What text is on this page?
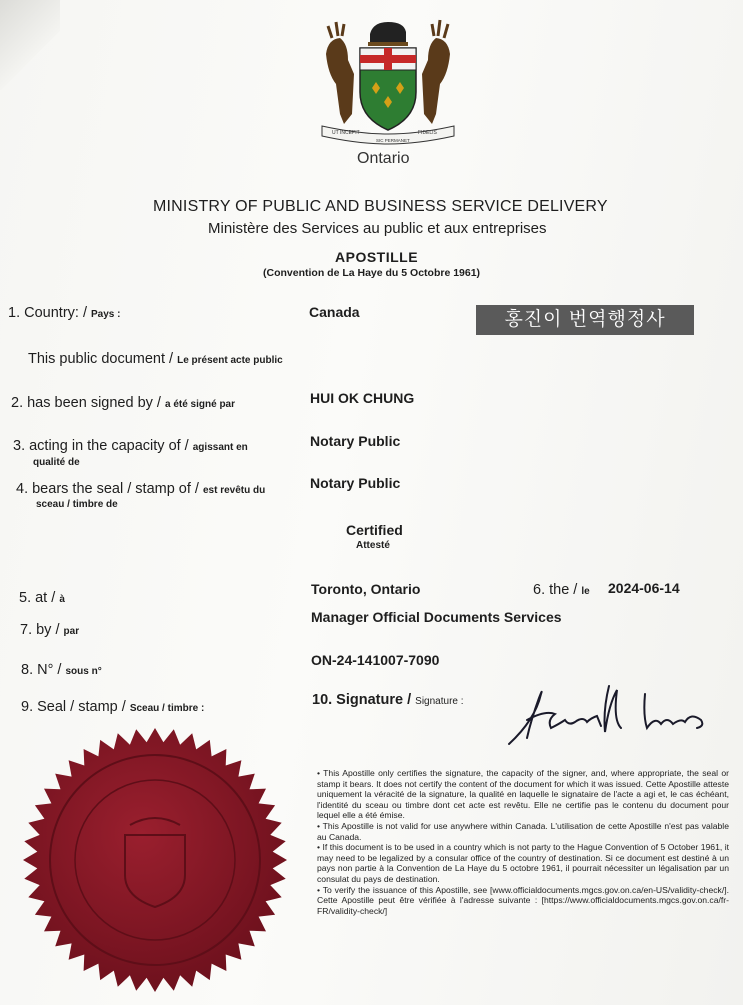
UT INCEPIT	FIDELIS
SIC PERMANET
Ontario
MINISTRY OF PUBLIC AND BUSINESS SERVICE DELIVERY
Ministère des Services au public et aux entreprises
APOSTILLE
(Convention de La Haye du 5 Octobre 1961)
홍진이 번역행정사
1. Country: / Pays :	Canada
This public document / Le présent acte public
2. has been signed by / a été signé par	HUI OK CHUNG
3. acting in the capacity of / agissant en
qualité de
Notary Public
4. bears the seal / stamp of / est revêtu du
sceau / timbre de
Notary Public
Certified
Attesté
5. at / à
Toronto, Ontario	6. the / le 2024-06-14
7. by / par
Manager Official Documents Services
8. N° / sous n°
ON-24-141007-7090
9. Seal / stamp / Sceau / timbre :
10. Signature / Signature :

• This Apostille only certifies the signature, the capacity of the signer, and, where appropriate, the seal or stamp it bears. It does not certify the content of the document for which it was issued. Cette Apostille atteste uniquement la véracité de la signature, la qualité en laquelle le signataire de l'acte a agi et, le cas échéant, l'identité du sceau ou timbre dont cet acte est revêtu. Elle ne certifie pas le contenu du document pour lequel elle a été émise.

• This Apostille is not valid for use anywhere within Canada. L'utilisation de cette Apostille n'est pas valable au Canada.

• If this document is to be used in a country which is not party to the Hague Convention of 5 October 1961, it may need to be legalized by a consular office of the country of destination. Si ce document est destiné à un pays non partie à la Convention de La Haye du 5 octobre 1961, il pourrait nécessiter un légalisation par un consulat du pays de destination.

• To verify the issuance of this Apostille, see [www.officialdocuments.mgcs.gov.on.ca/en-US/validity-check/]. Cette Apostille peut être vérifiée à l'adresse suivante : [https://www.officialdocuments.mgcs.gov.on.ca/fr-FR/validity-check/]
